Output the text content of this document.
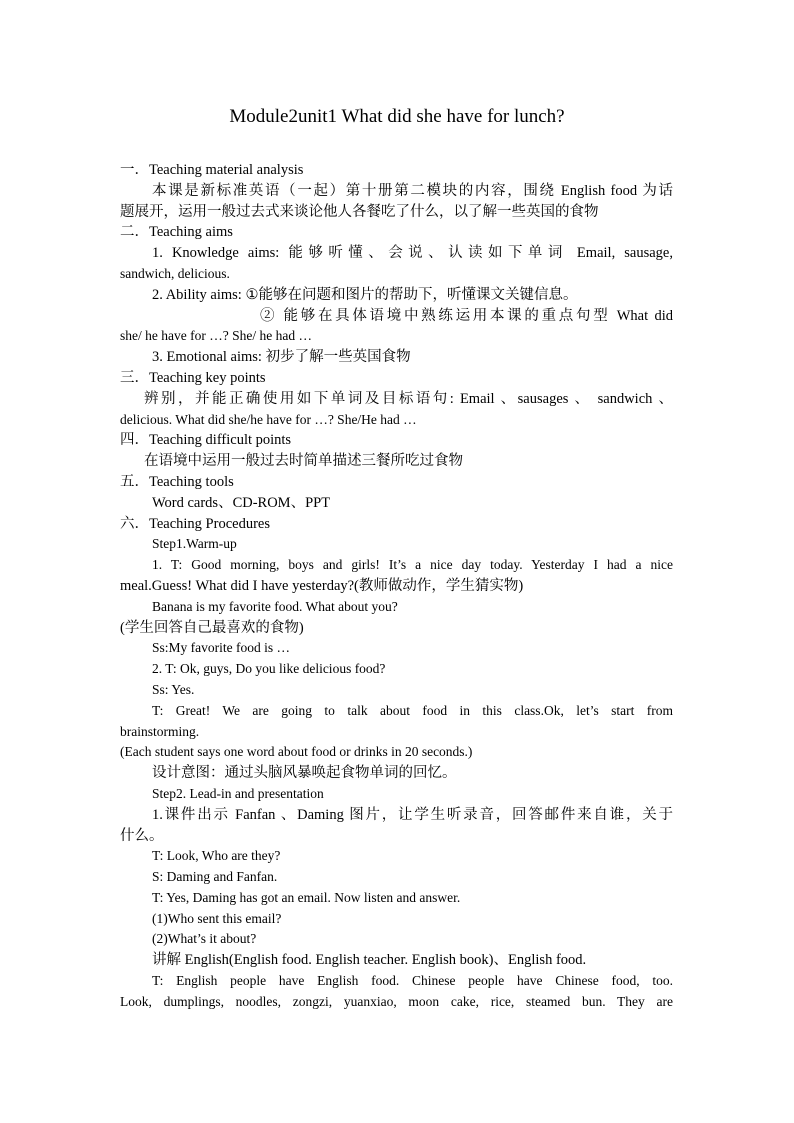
Module2unit1 What did she have for lunch?
一．Teaching material analysis
本课是新标准英语（一起）第十册第二模块的内容，围绕 English food 为话
题展开，运用一般过去式来谈论他人各餐吃了什么，以了解一些英国的食物
二．Teaching aims
1. Knowledge aims: 能够听懂、会说、认读如下单词 Email, sausage,
sandwich, delicious.
2. Ability aims: ①能够在问题和图片的帮助下，听懂课文关键信息。
② 能够在具体语境中熟练运用本课的重点句型 What did
she/ he have for …? She/ he had …
3. Emotional aims: 初步了解一些英国食物
三．Teaching key points
辨别，并能正确使用如下单词及目标语句: Email 、sausages 、 sandwich 、
delicious. What did she/he have for …? She/He had …
四．Teaching difficult points
在语境中运用一般过去时简单描述三餐所吃过食物
五．Teaching tools
Word cards、CD-ROM、PPT
六．Teaching Procedures
Step1.Warm-up
1. T: Good morning, boys and girls! It’s a nice day today. Yesterday I had a nice
meal.Guess! What did I have yesterday?(教师做动作，学生猜实物)
Banana is my favorite food. What about you?
(学生回答自己最喜欢的食物)
Ss:My favorite food is …
2. T: Ok, guys, Do you like delicious food?
Ss: Yes.
T: Great! We are going to talk about food in this class.Ok, let’s start from
brainstorming.
(Each student says one word about food or drinks in 20 seconds.)
设计意图：通过头脑风暴唤起食物单词的回忆。
Step2. Lead-in and presentation
1.课件出示 Fanfan 、Daming 图片，让学生听录音，回答邮件来自谁，关于
什么。
T: Look, Who are they?
S: Daming and Fanfan.
T: Yes, Daming has got an email. Now listen and answer.
(1)Who sent this email?
(2)What’s it about?
讲解 English(English food. English teacher. English book)、English food.
T: English people have English food. Chinese people have Chinese food, too.
Look, dumplings, noodles, zongzi, yuanxiao, moon cake, rice, steamed bun. They are
